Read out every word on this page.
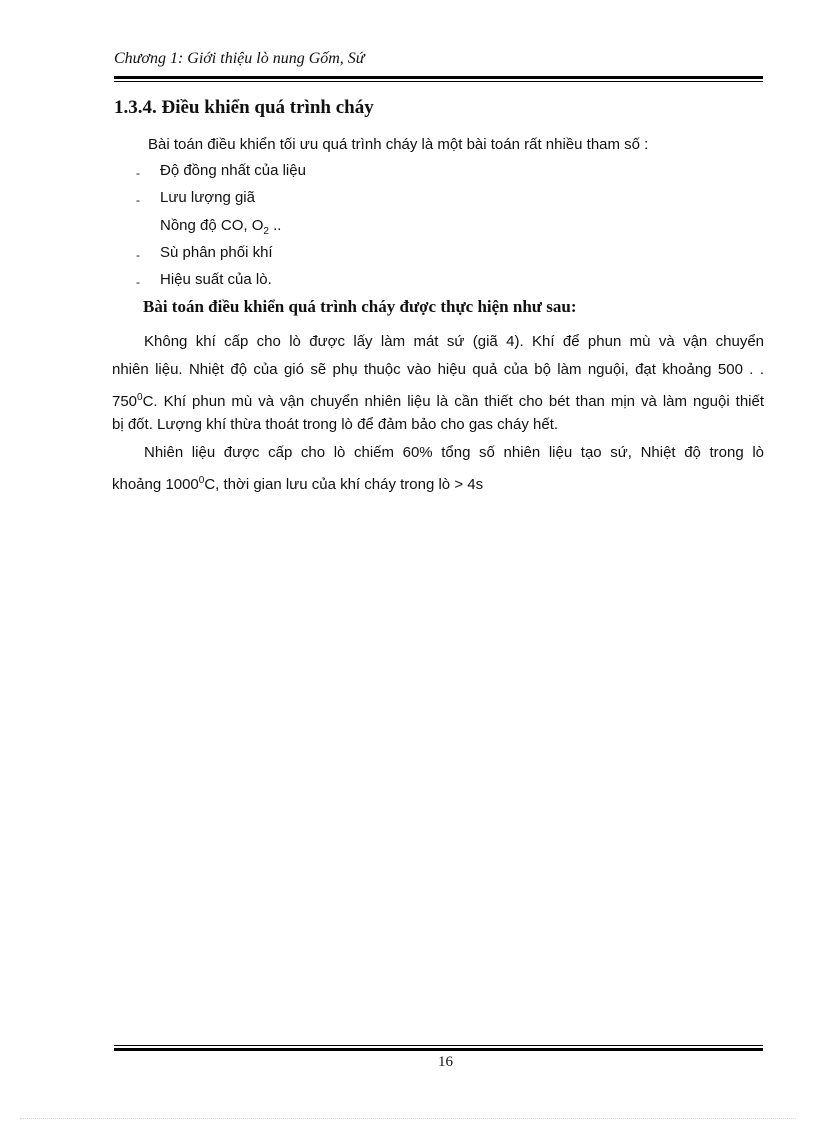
Chương 1: Giới thiệu lò nung Gốm, Sứ
1.3.4. Điều khiển quá trình cháy
Bài toán điều khiển tối ưu quá trình cháy là một bài toán rất nhiều tham số :
- Độ đồng nhất của liệu
- Lưu lượng giã
Nồng độ CO, $O_2$ ..
- Sù phân phối khí
- Hiệu suất của lò.
Bài toán điều khiển quá trình cháy được thực hiện như sau:
Không khí cấp cho lò được lấy làm mát sứ (giã 4). Khí để phun mù và vận chuyển
nhiên liệu. Nhiệt độ của gió sẽ phụ thuộc vào hiệu quả của bộ làm nguội, đạt khoảng 500 . .
$750^0C$. Khí phun mù và vận chuyển nhiên liệu là cần thiết cho bét than mịn và làm nguội thiết
bị đốt. Lượng khí thừa thoát trong lò để đảm bảo cho gas cháy hết.
Nhiên liệu được cấp cho lò chiếm 60% tổng số nhiên liệu tạo sứ, Nhiệt độ trong lò
khoảng 1000$^0$C, thời gian lưu của khí cháy trong lò > 4s
16
